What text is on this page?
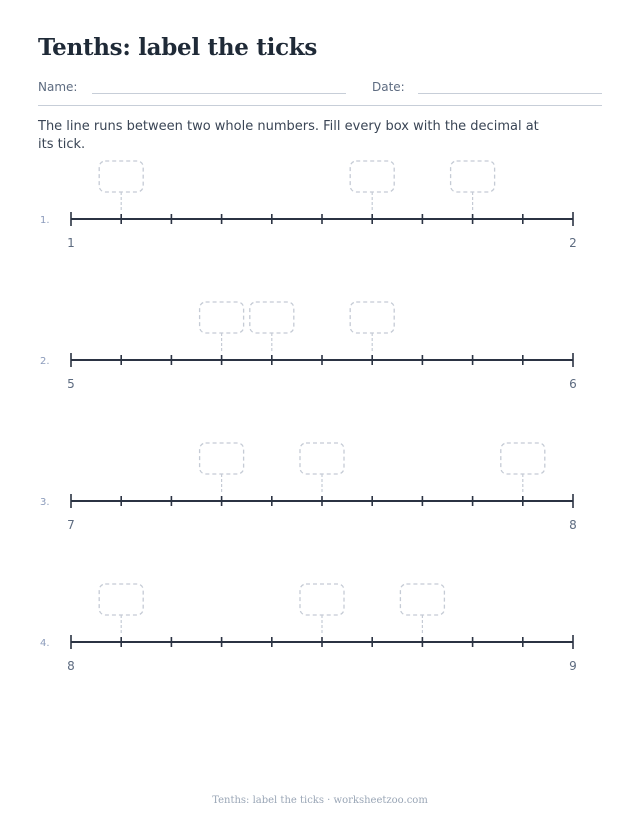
Tenths: label the ticks
Name:	Date:

The line runs between two whole numbers. Fill every box with the decimal at its tick.

1.
1	2
2.
5	6
3.
7	8
4.
8	9
Tenths: label the ticks · worksheetzoo.com
